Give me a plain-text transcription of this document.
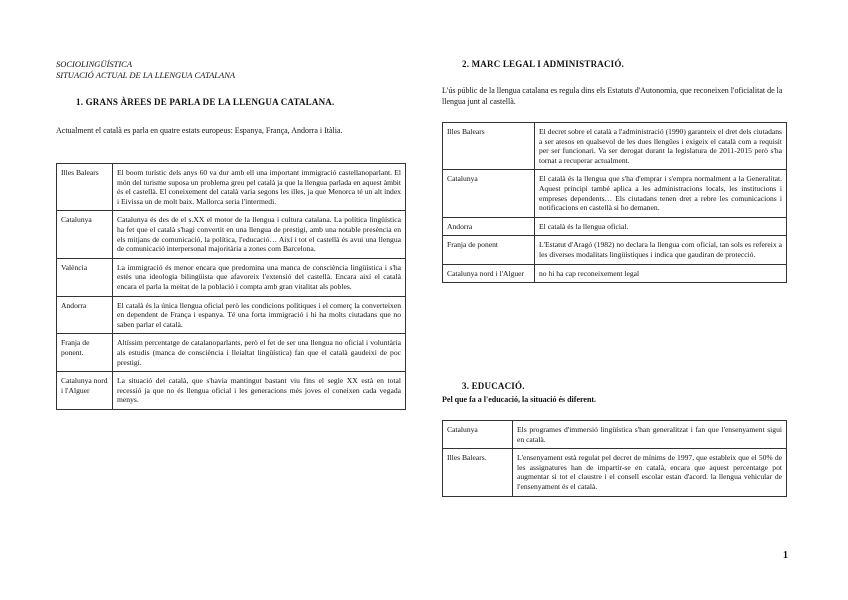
SOCIOLINGÜÍSTICA
SITUACIÓ ACTUAL DE LA LLENGUA CATALANA
1. GRANS ÀREES DE PARLA DE LA LLENGUA CATALANA.
Actualment el català es parla en quatre estats europeus: Espanya, França, Andorra i Itàlia.
Illes Balears	El boom turístic dels anys 60 va dur amb ell una important immigració castellanoparlant. El món del turisme suposa un problema greu pel català ja que la llengua parlada en aquest àmbit és el castellà. El coneixement del català varia segons les illes, ja que Menorca té un alt índex i Eivissa un de molt baix. Mallorca seria l'intermedi.
Catalunya	Catalunya és des de el s.XX el motor de la llengua i cultura catalana. La política lingüística ha fet que el català s'hagi convertit en una llengua de prestigi, amb una notable presència en els mitjans de comunicació, la política, l'educació… Així i tot el castellà és avui una llengua de comunicació interpersonal majoritària a zones com Barcelona.
València	La immigració és menor encara que predomina una manca de consciència lingüística i s'ha estès una ideologia bilingüista que afavoreix l'extensió del castellà. Encara així el català encara el parla la meitat de la població i compta amb gran vitalitat als pobles.
Andorra	El català és la única llengua oficial però les condicions polítiques i el comerç la converteixen en dependent de França i espanya. Té una forta immigració i hi ha molts ciutadans que no saben parlar el català.
Franja de ponent.	Altíssim percentatge de catalanoparlants, però el fet de ser una llengua no oficial i voluntària als estudis (manca de consciència i lleialtat lingüística) fan que el català gaudeixi de poc prestigi.
Catalunya nord i l'Alguer	La situació del català, que s'havia mantingut bastant viu fins el segle XX està en total recessió ja que no és llengua oficial i les generacions més joves el coneixen cada vegada menys.
2. MARC LEGAL I ADMINISTRACIÓ.
L'ús públic de la llengua catalana es regula dins els Estatuts d'Autonomia, que reconeixen l'oficialitat de la llengua junt al castellà.
Illes Balears	El decret sobre el català a l'administració (1990) garanteix el dret dels ciutadans a ser atesos en qualsevol de les dues llengües i exigeix el català com a requisit per ser funcionari. Va ser derogat durant la legislatura de 2011-2015 però s'ha tornat a recuperar actualment.
Catalunya	El català és la llengua que s'ha d'emprar i s'empra normalment a la Generalitat. Aquest principi també aplica a les administracions locals, les institucions i empreses dependents… Els ciutadans tenen dret a rebre les comunicacions i notificacions en castellà si ho demanen.
Andorra	El català és la llengua oficial.
Franja de ponent	L'Estatut d'Aragó (1982) no declara la llengua com oficial, tan sols es refereix a les diverses modalitats lingüístiques i indica que gaudiran de protecció.
Catalunya nord i l'Alguer	no hi ha cap reconeixement legal
3. EDUCACIÓ.
Pel que fa a l'educació, la situació és diferent.
Catalunya	Els programes d'immersió lingüística s'han generalitzat i fan que l'ensenyament sigui en català.
Illes Balears.	L'ensenyament està regulat pel decret de mínims de 1997, que estableix que el 50% de les assignatures han de impartir-se en català, encara que aquest percentatge pot augmentar si tot el claustre i el consell escolar estan d'acord. la llengua vehicular de l'ensenyament és el català.
1
